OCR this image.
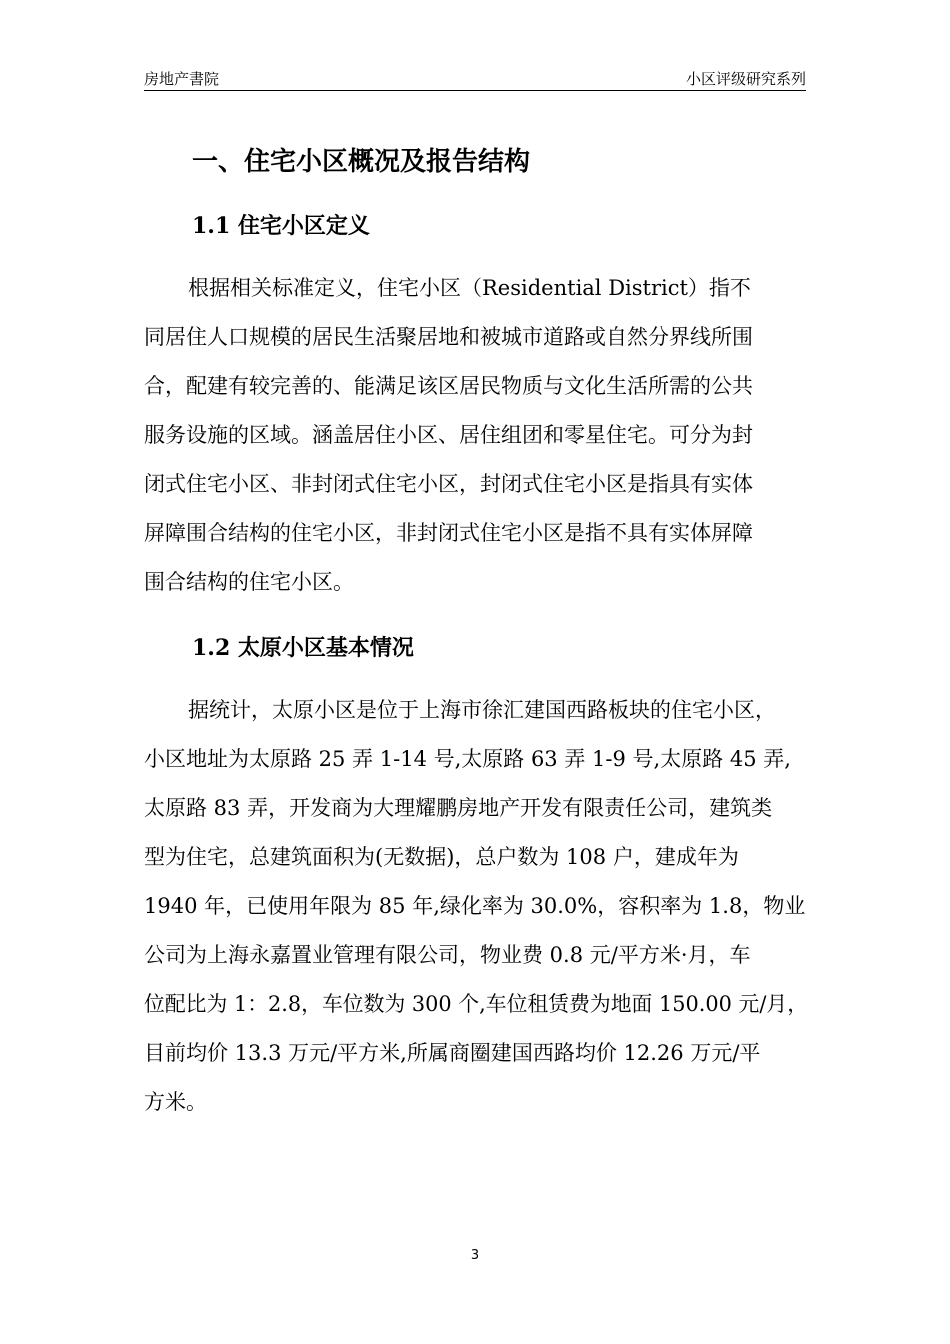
房地产書院	小区评级研究系列
一、住宅小区概况及报告结构
1.1 住宅小区定义
根据相关标准定义，住宅小区（Residential District）指不
同居住人口规模的居民生活聚居地和被城市道路或自然分界线所围
合，配建有较完善的、能满足该区居民物质与文化生活所需的公共
服务设施的区域。涵盖居住小区、居住组团和零星住宅。可分为封
闭式住宅小区、非封闭式住宅小区，封闭式住宅小区是指具有实体
屏障围合结构的住宅小区，非封闭式住宅小区是指不具有实体屏障
围合结构的住宅小区。
1.2 太原小区基本情况
据统计，太原小区是位于上海市徐汇建国西路板块的住宅小区，
小区地址为太原路 25 弄 1-14 号,太原路 63 弄 1-9 号,太原路 45 弄,
太原路 83 弄，开发商为大理耀鹏房地产开发有限责任公司，建筑类
型为住宅，总建筑面积为(无数据)，总户数为 108 户，建成年为
1940 年，已使用年限为 85 年,绿化率为 30.0%，容积率为 1.8，物业
公司为上海永嘉置业管理有限公司，物业费 0.8 元/平方米·月，车
位配比为 1：2.8，车位数为 300 个,车位租赁费为地面 150.00 元/月，
目前均价 13.3 万元/平方米,所属商圈建国西路均价 12.26 万元/平
方米。
3
